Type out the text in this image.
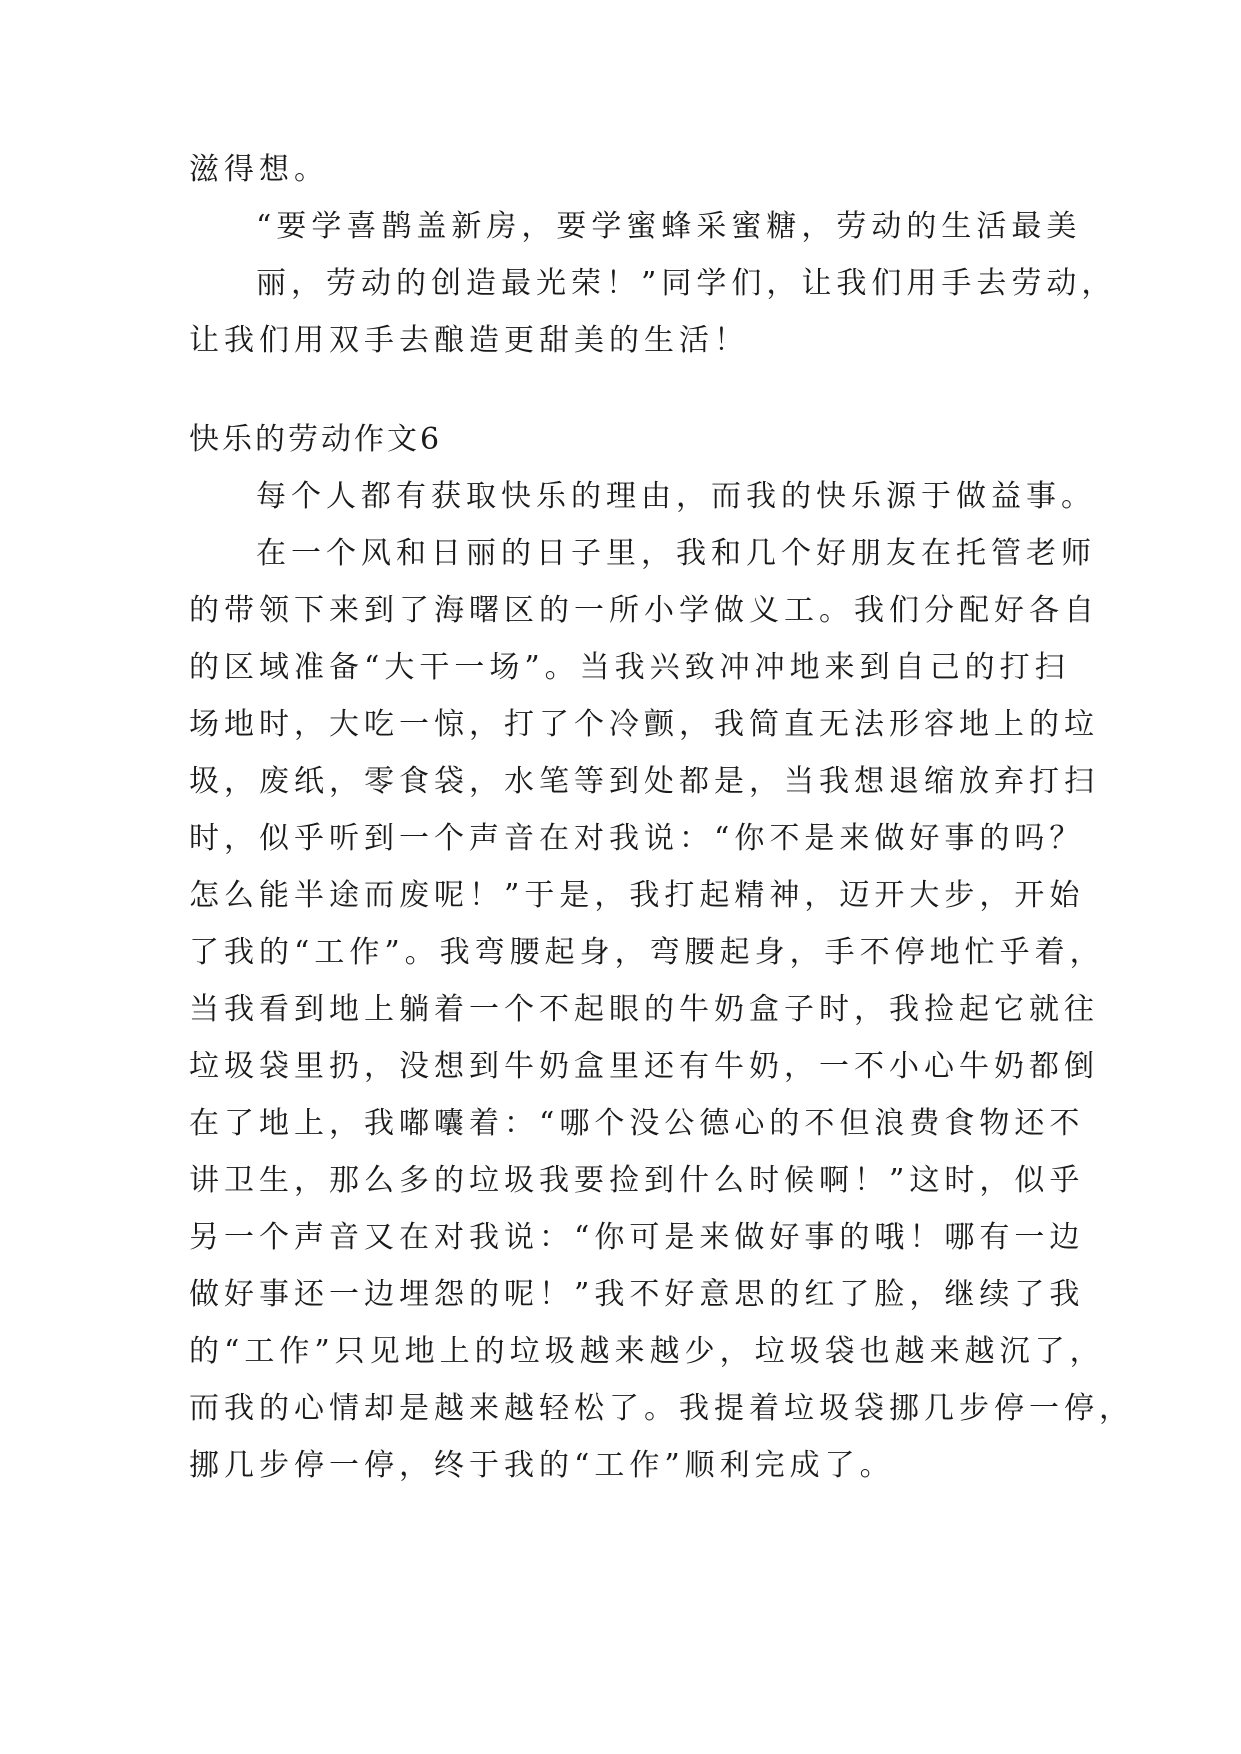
滋得想。
“要学喜鹊盖新房，要学蜜蜂采蜜糖，劳动的生活最美
丽，劳动的创造最光荣！”同学们，让我们用手去劳动，
让我们用双手去酿造更甜美的生活！
快乐的劳动作文6
每个人都有获取快乐的理由，而我的快乐源于做益事。
在一个风和日丽的日子里，我和几个好朋友在托管老师
的带领下来到了海曙区的一所小学做义工。我们分配好各自
的区域准备“大干一场”。当我兴致冲冲地来到自己的打扫
场地时，大吃一惊，打了个冷颤，我简直无法形容地上的垃
圾，废纸，零食袋，水笔等到处都是，当我想退缩放弃打扫
时，似乎听到一个声音在对我说：“你不是来做好事的吗？
怎么能半途而废呢！”于是，我打起精神，迈开大步，开始
了我的“工作”。我弯腰起身，弯腰起身，手不停地忙乎着，
当我看到地上躺着一个不起眼的牛奶盒子时，我捡起它就往
垃圾袋里扔，没想到牛奶盒里还有牛奶，一不小心牛奶都倒
在了地上，我嘟囔着：“哪个没公德心的不但浪费食物还不
讲卫生，那么多的垃圾我要捡到什么时候啊！”这时，似乎
另一个声音又在对我说：“你可是来做好事的哦！哪有一边
做好事还一边埋怨的呢！”我不好意思的红了脸，继续了我
的“工作”只见地上的垃圾越来越少，垃圾袋也越来越沉了，
而我的心情却是越来越轻松了。我提着垃圾袋挪几步停一停，
挪几步停一停，终于我的“工作”顺利完成了。
